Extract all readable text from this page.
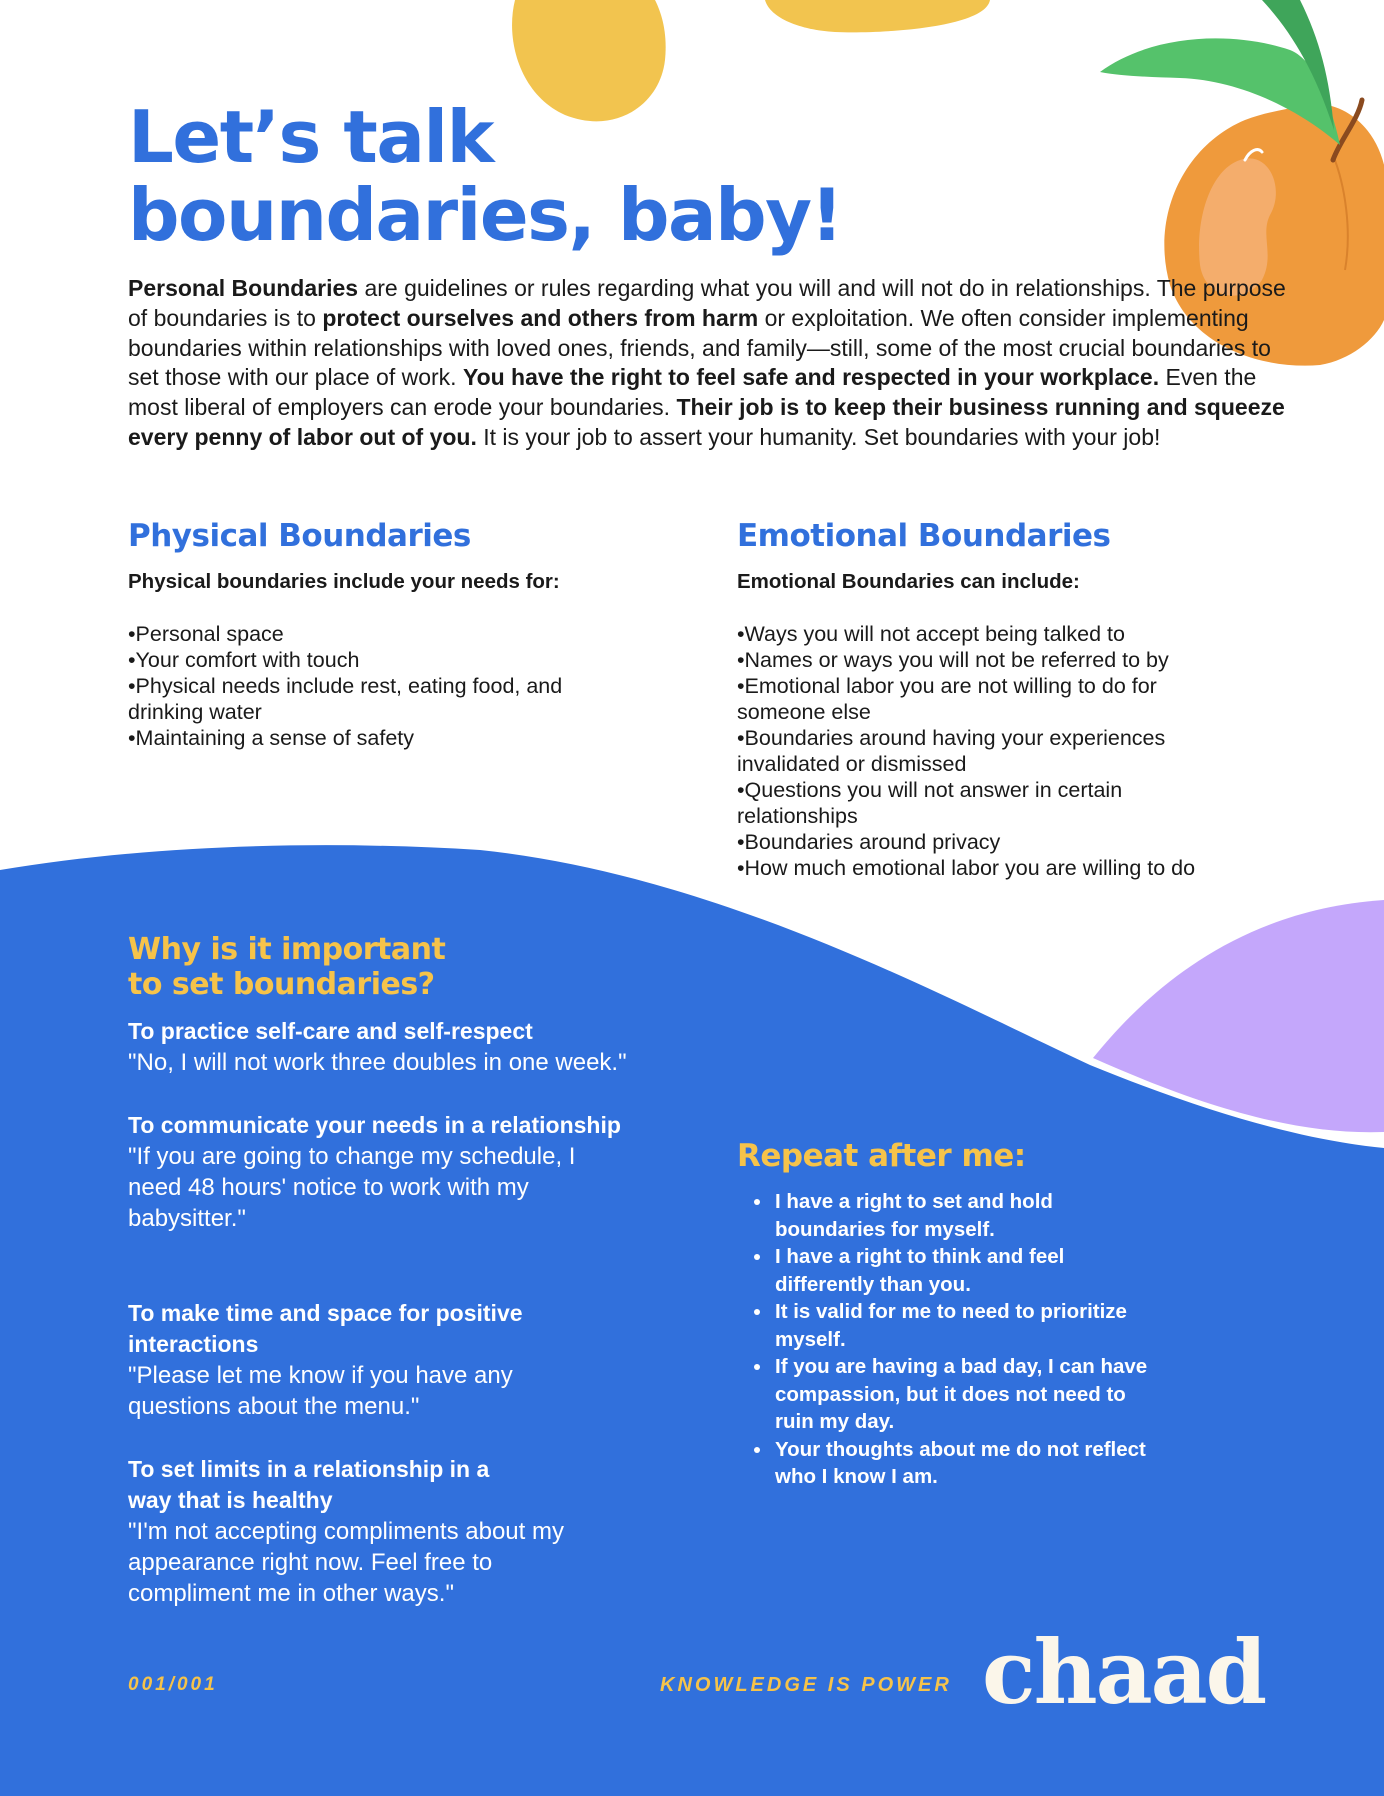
Let’s talk
boundaries, baby!

Personal Boundaries are guidelines or rules regarding what you will and will not do in relationships. The purpose of boundaries is to protect ourselves and others from harm or exploitation. We often consider implementing boundaries within relationships with loved ones, friends, and family—still, some of the most crucial boundaries to set those with our place of work. You have the right to feel safe and respected in your workplace. Even the most liberal of employers can erode your boundaries. Their job is to keep their business running and squeeze every penny of labor out of you. It is your job to assert your humanity. Set boundaries with your job!

Physical Boundaries

Physical boundaries include your needs for:

• Personal space
• Your comfort with touch
• Physical needs include rest, eating food, and drinking water
• Maintaining a sense of safety
Emotional Boundaries

Emotional Boundaries can include:

• Ways you will not accept being talked to
• Names or ways you will not be referred to by
• Emotional labor you are not willing to do for someone else
• Boundaries around having your experiences invalidated or dismissed
• Questions you will not answer in certain relationships
• Boundaries around privacy
• How much emotional labor you are willing to do
Why is it important
to set boundaries?
To practice self-care and self-respect

"No, I will not work three doubles in one week."

To communicate your needs in a relationship

"If you are going to change my schedule, I need 48 hours' notice to work with my babysitter."

To make time and space for positive interactions

"Please let me know if you have any questions about the menu."

To set limits in a relationship in a way that is healthy

"I'm not accepting compliments about my appearance right now. Feel free to compliment me in other ways."

Repeat after me:
• I have a right to set and hold boundaries for myself.
• I have a right to think and feel differently than you.
• It is valid for me to need to prioritize myself.
• If you are having a bad day, I can have compassion, but it does not need to ruin my day.
• Your thoughts about me do not reflect who I know I am.
001/001	KNOWLEDGE IS POWER chaad
